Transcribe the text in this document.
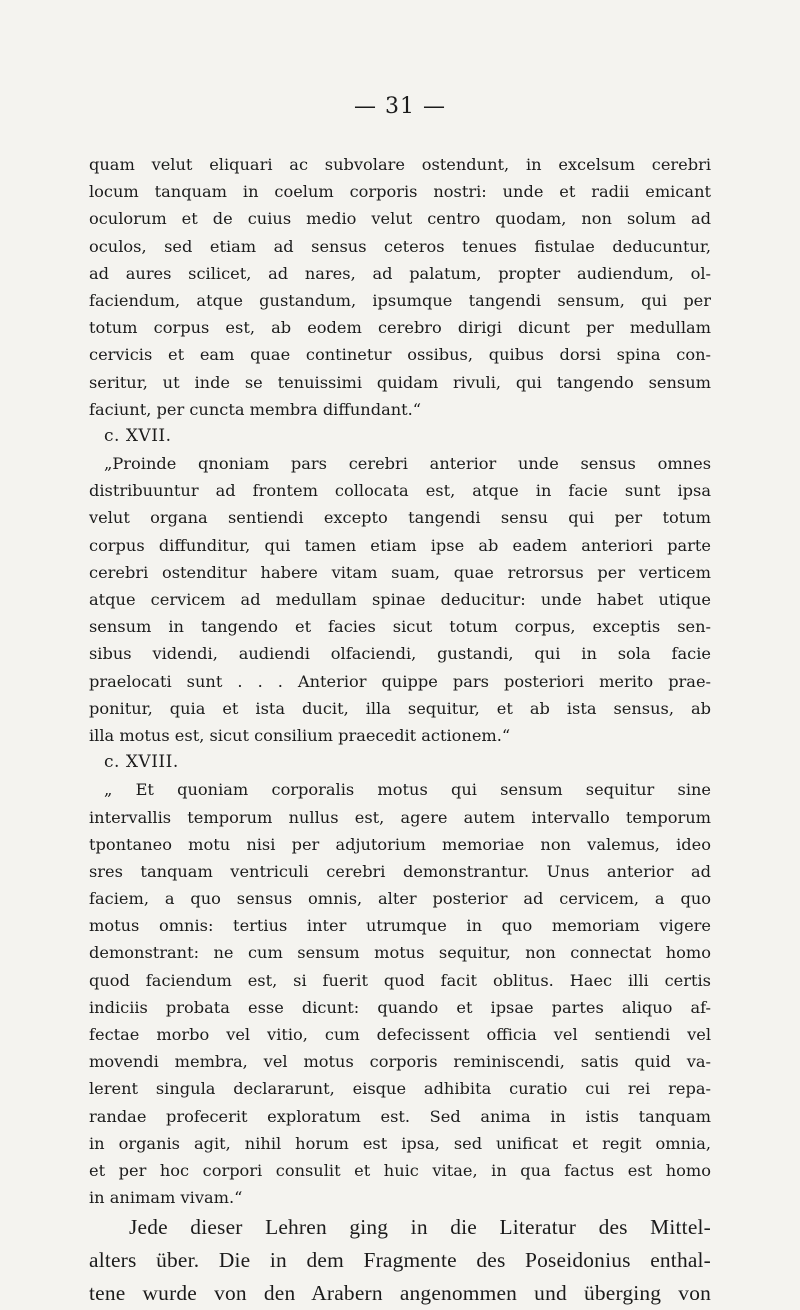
— 31 —
quam velut eliquari ac subvolare ostendunt, in excelsum cerebri
locum tanquam in coelum corporis nostri: unde et radii emicant
oculorum et de cuius medio velut centro quodam, non solum ad
oculos, sed etiam ad sensus ceteros tenues fistulae deducuntur,
ad aures scilicet, ad nares, ad palatum, propter audiendum, ol-
faciendum, atque gustandum, ipsumque tangendi sensum, qui per
totum corpus est, ab eodem cerebro dirigi dicunt per medullam
cervicis et eam quae continetur ossibus, quibus dorsi spina con-
seritur, ut inde se tenuissimi quidam rivuli, qui tangendo sensum
faciunt, per cuncta membra diffundant.“
c. XVII.
„Proinde qnoniam pars cerebri anterior unde sensus omnes
distribuuntur ad frontem collocata est, atque in facie sunt ipsa
velut organa sentiendi excepto tangendi sensu qui per totum
corpus diffunditur, qui tamen etiam ipse ab eadem anteriori parte
cerebri ostenditur habere vitam suam, quae retrorsus per verticem
atque cervicem ad medullam spinae deducitur: unde habet utique
sensum in tangendo et facies sicut totum corpus, exceptis sen-
sibus videndi, audiendi olfaciendi, gustandi, qui in sola facie
praelocati sunt . . . Anterior quippe pars posteriori merito prae-
ponitur, quia et ista ducit, illa sequitur, et ab ista sensus, ab
illa motus est, sicut consilium praecedit actionem.“
c. XVIII.
„ Et quoniam corporalis motus qui sensum sequitur sine
intervallis temporum nullus est, agere autem intervallo temporum
tpontaneo motu nisi per adjutorium memoriae non valemus, ideo
sres tanquam ventriculi cerebri demonstrantur. Unus anterior ad
faciem, a quo sensus omnis, alter posterior ad cervicem, a quo
motus omnis: tertius inter utrumque in quo memoriam vigere
demonstrant: ne cum sensum motus sequitur, non connectat homo
quod faciendum est, si fuerit quod facit oblitus. Haec illi certis
indiciis probata esse dicunt: quando et ipsae partes aliquo af-
fectae morbo vel vitio, cum defecissent officia vel sentiendi vel
movendi membra, vel motus corporis reminiscendi, satis quid va-
lerent singula declararunt, eisque adhibita curatio cui rei repa-
randae profecerit exploratum est. Sed anima in istis tanquam
in organis agit, nihil horum est ipsa, sed unificat et regit omnia,
et per hoc corpori consulit et huic vitae, in qua factus est homo
in animam vivam.“
Jede dieser Lehren ging in die Literatur des Mittel-
alters über. Die in dem Fragmente des Poseidonius enthal-
tene wurde von den Arabern angenommen und überging von
